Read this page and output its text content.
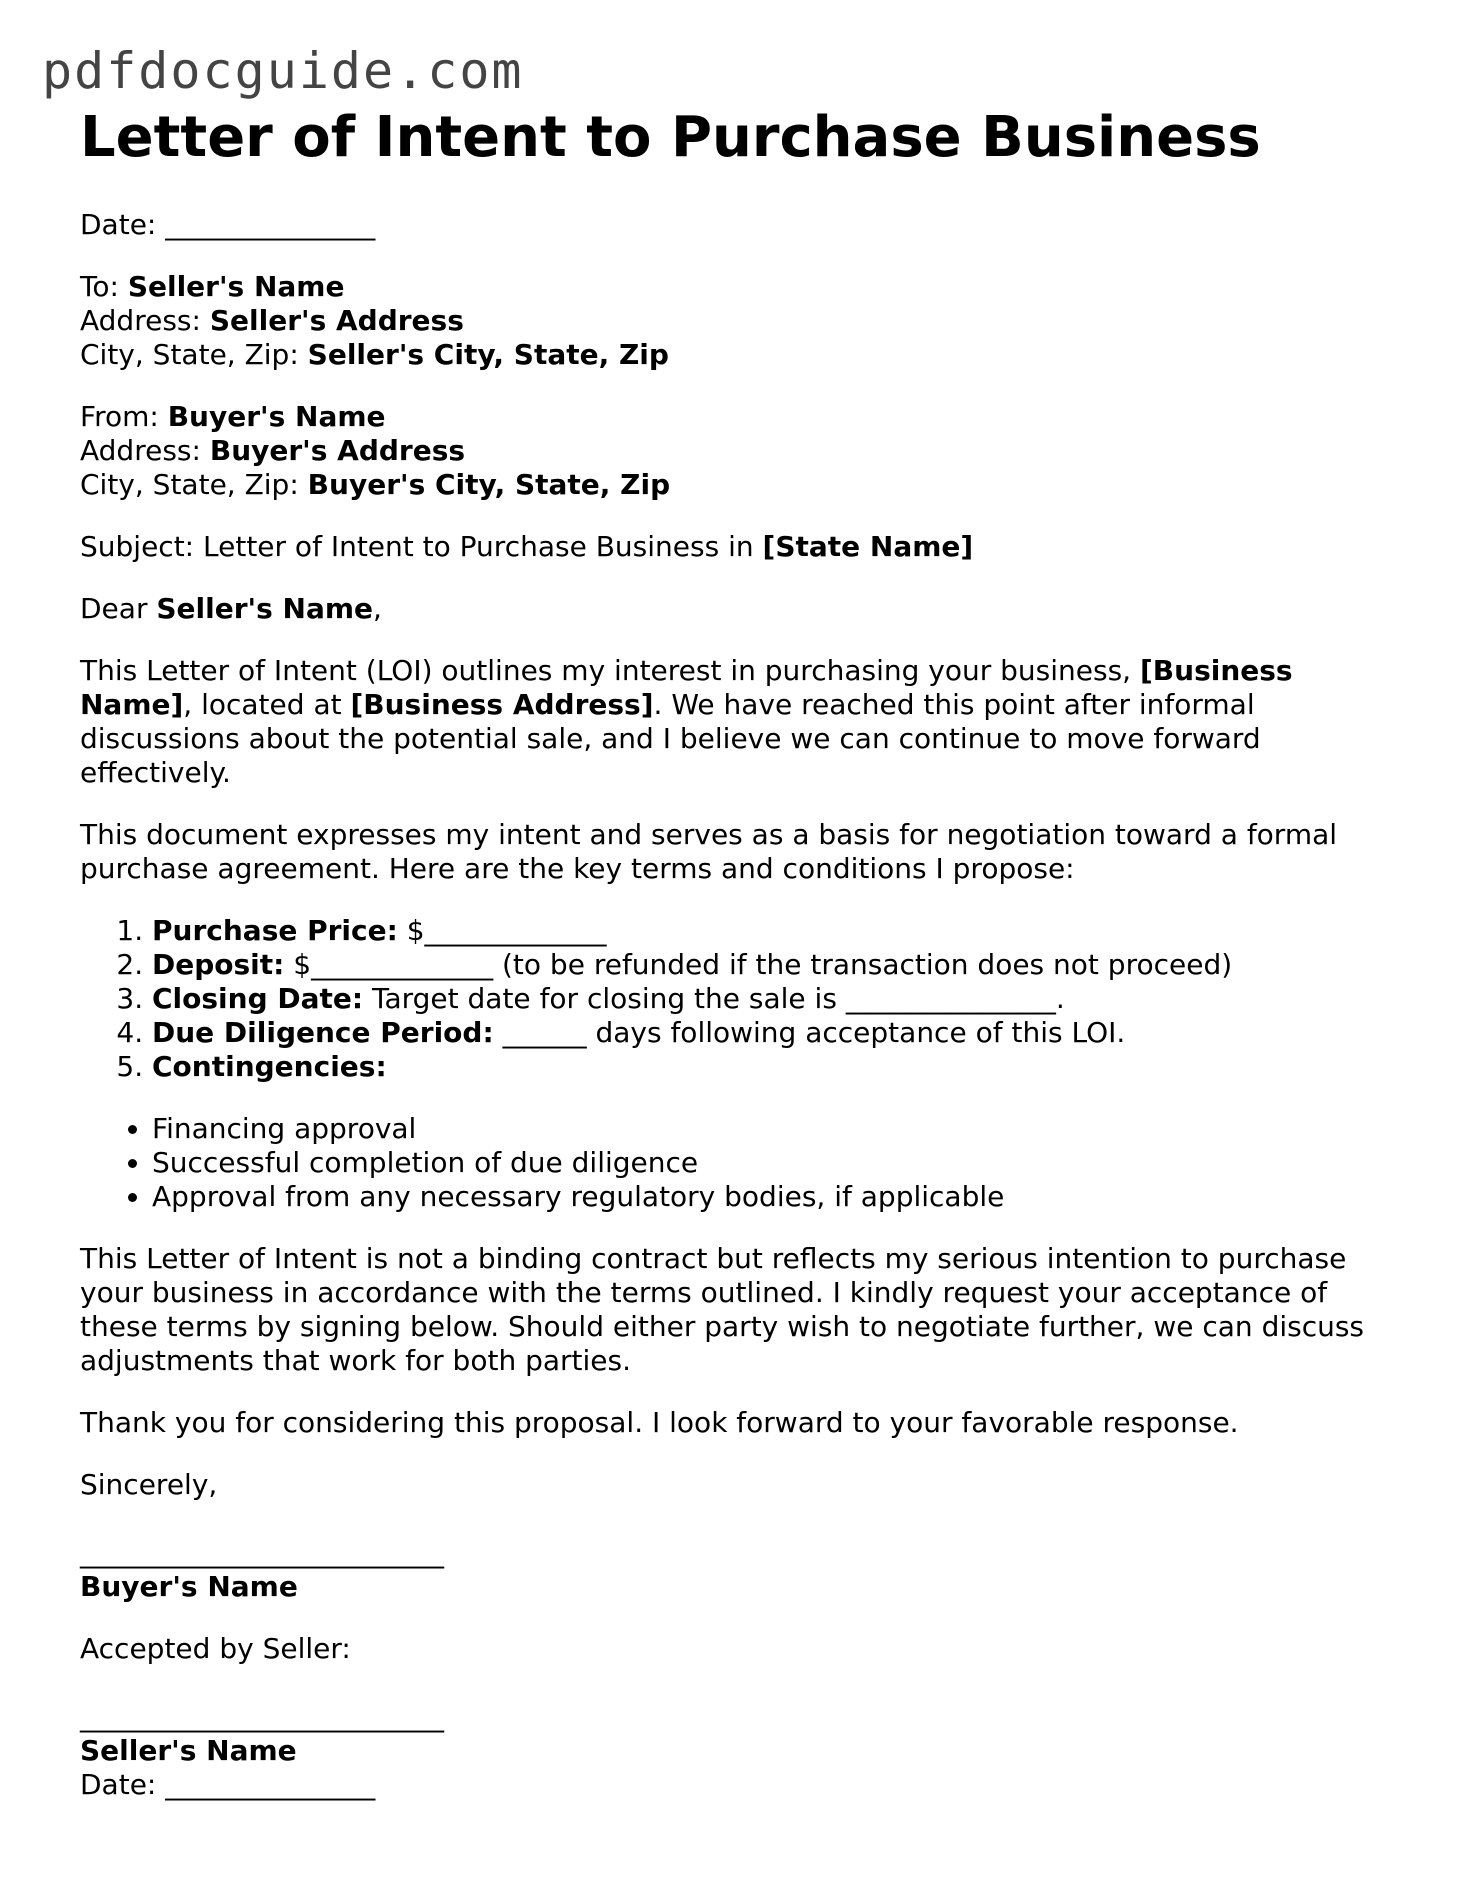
pdfdocguide.com
Letter of Intent to Purchase Business

Date: _______________

To: Seller's Name

Address: Seller's Address

City, State, Zip: Seller's City, State, Zip

From: Buyer's Name

Address: Buyer's Address

City, State, Zip: Buyer's City, State, Zip

Subject: Letter of Intent to Purchase Business in [State Name]

Dear Seller's Name,

This Letter of Intent (LOI) outlines my interest in purchasing your business, [Business Name], located at [Business Address]. We have reached this point after informal discussions about the potential sale, and I believe we can continue to move forward effectively.

This document expresses my intent and serves as a basis for negotiation toward a formal purchase agreement. Here are the key terms and conditions I propose:

1. Purchase Price: $_____________
2. Deposit: $_____________ (to be refunded if the transaction does not proceed)
3. Closing Date: Target date for closing the sale is _______________.
4. Due Diligence Period: ______ days following acceptance of this LOI.
5. Contingencies:
• Financing approval
• Successful completion of due diligence
• Approval from any necessary regulatory bodies, if applicable

This Letter of Intent is not a binding contract but reflects my serious intention to purchase your business in accordance with the terms outlined. I kindly request your acceptance of these terms by signing below. Should either party wish to negotiate further, we can discuss adjustments that work for both parties.

Thank you for considering this proposal. I look forward to your favorable response.

Sincerely,

__________________________

Buyer's Name

Accepted by Seller:

__________________________

Seller's Name

Date: _______________
